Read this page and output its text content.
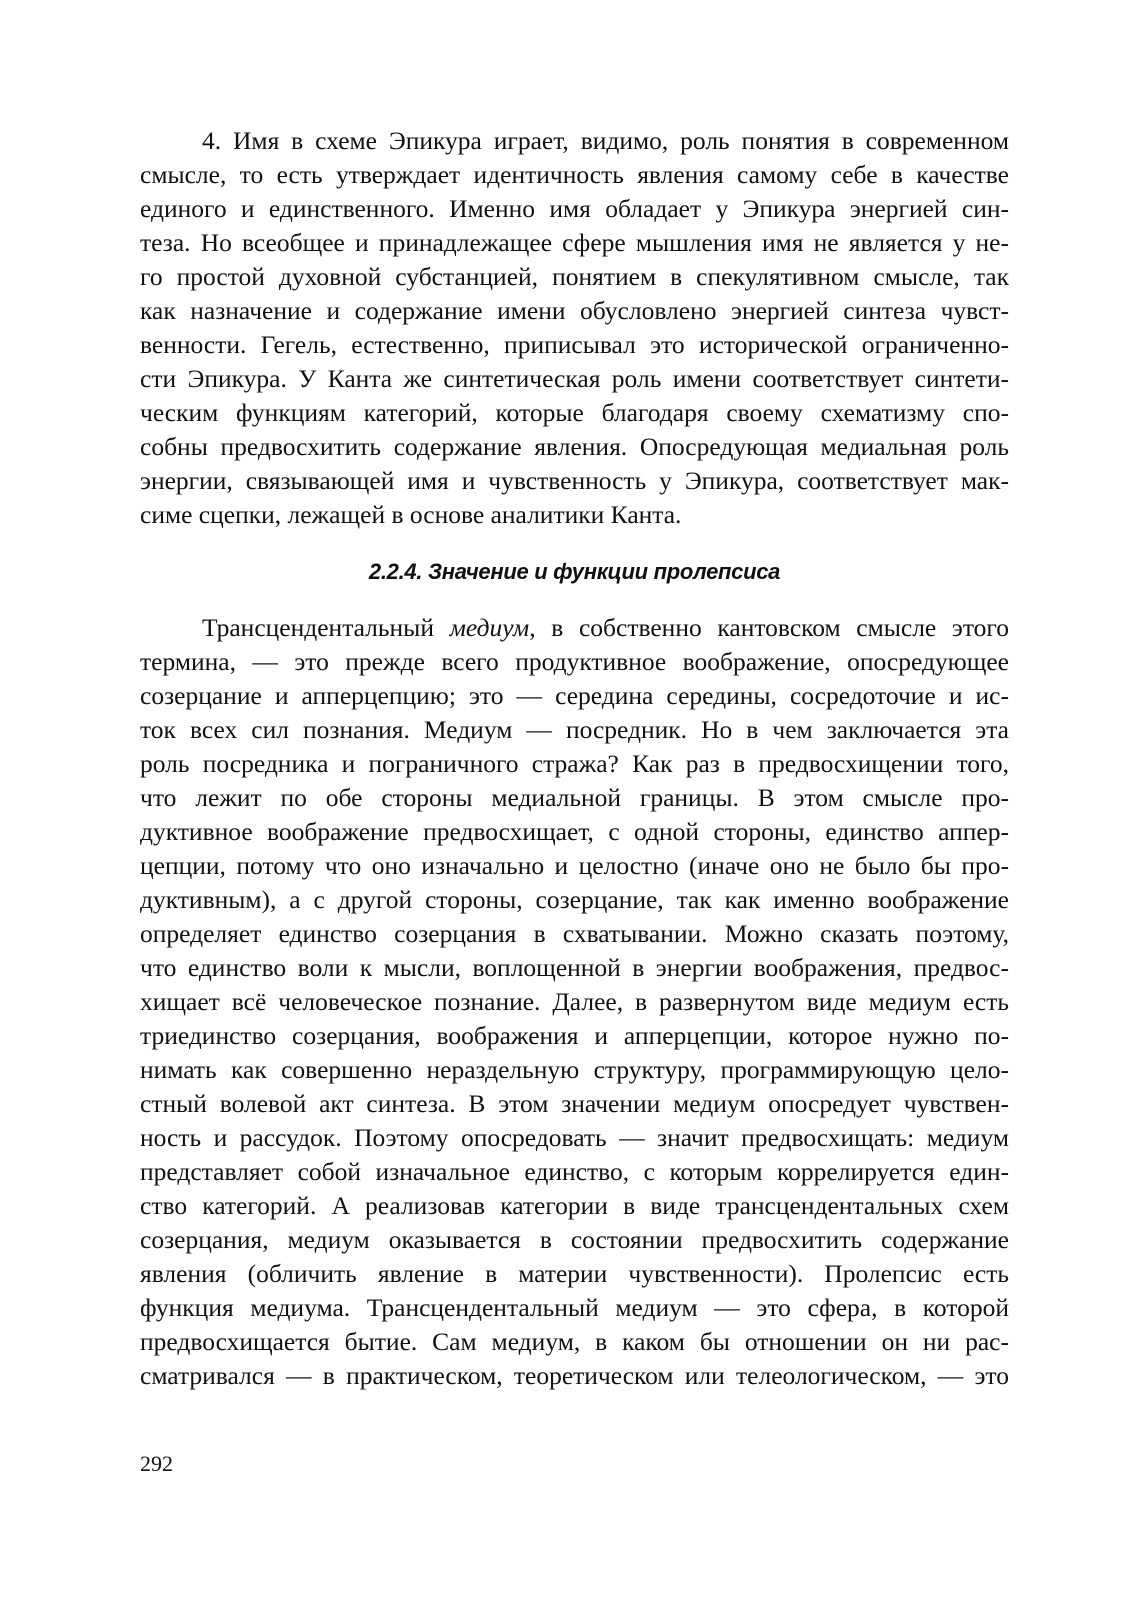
4. Имя в схеме Эпикура играет, видимо, роль понятия в современном
смысле, то есть утверждает идентичность явления самому себе в качестве
единого и единственного. Именно имя обладает у Эпикура энергией син-
теза. Но всеобщее и принадлежащее сфере мышления имя не является у не-
го простой духовной субстанцией, понятием в спекулятивном смысле, так
как назначение и содержание имени обусловлено энергией синтеза чувст-
венности. Гегель, естественно, приписывал это исторической ограниченно-
сти Эпикура. У Канта же синтетическая роль имени соответствует синтети-
ческим функциям категорий, которые благодаря своему схематизму спо-
собны предвосхитить содержание явления. Опосредующая медиальная роль
энергии, связывающей имя и чувственность у Эпикура, соответствует мак-
симе сцепки, лежащей в основе аналитики Канта.
2.2.4. Значение и функции пролепсиса
Трансцендентальный медиум, в собственно кантовском смысле этого
термина, — это прежде всего продуктивное воображение, опосредующее
созерцание и апперцепцию; это — середина середины, сосредоточие и ис-
ток всех сил познания. Медиум — посредник. Но в чем заключается эта
роль посредника и пограничного стража? Как раз в предвосхищении того,
что лежит по обе стороны медиальной границы. В этом смысле про-
дуктивное воображение предвосхищает, с одной стороны, единство аппер-
цепции, потому что оно изначально и целостно (иначе оно не было бы про-
дуктивным), а с другой стороны, созерцание, так как именно воображение
определяет единство созерцания в схватывании. Можно сказать поэтому,
что единство воли к мысли, воплощенной в энергии воображения, предвос-
хищает всё человеческое познание. Далее, в развернутом виде медиум есть
триединство созерцания, воображения и апперцепции, которое нужно по-
нимать как совершенно нераздельную структуру, программирующую цело-
стный волевой акт синтеза. В этом значении медиум опосредует чувствен-
ность и рассудок. Поэтому опосредовать — значит предвосхищать: медиум
представляет собой изначальное единство, с которым коррелируется един-
ство категорий. А реализовав категории в виде трансцендентальных схем
созерцания, медиум оказывается в состоянии предвосхитить содержание
явления (обличить явление в материи чувственности). Пролепсис есть
функция медиума. Трансцендентальный медиум — это сфера, в которой
предвосхищается бытие. Сам медиум, в каком бы отношении он ни рас-
сматривался — в практическом, теоретическом или телеологическом, — это
292
